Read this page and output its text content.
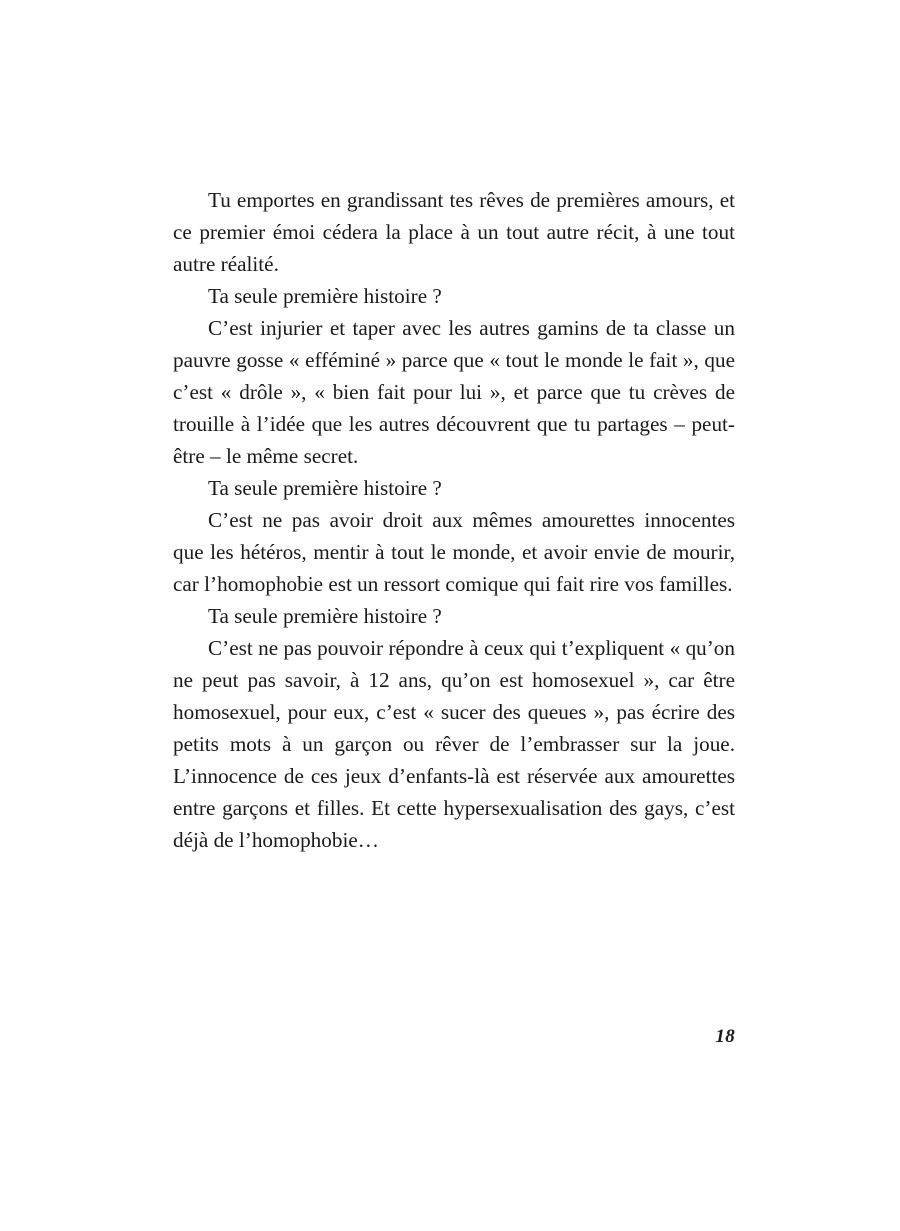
Tu emportes en grandissant tes rêves de premières amours, et ce premier émoi cédera la place à un tout autre récit, à une tout autre réalité.

Ta seule première histoire ?

C’est injurier et taper avec les autres gamins de ta classe un pauvre gosse « efféminé » parce que « tout le monde le fait », que c’est « drôle », « bien fait pour lui », et parce que tu crèves de trouille à l’idée que les autres découvrent que tu partages – peut-être – le même secret.

Ta seule première histoire ?

C’est ne pas avoir droit aux mêmes amourettes innocentes que les hétéros, mentir à tout le monde, et avoir envie de mourir, car l’homophobie est un ressort comique qui fait rire vos familles.

Ta seule première histoire ?

C’est ne pas pouvoir répondre à ceux qui t’expliquent « qu’on ne peut pas savoir, à 12 ans, qu’on est homosexuel », car être homosexuel, pour eux, c’est « sucer des queues », pas écrire des petits mots à un garçon ou rêver de l’embrasser sur la joue. L’innocence de ces jeux d’enfants-là est réservée aux amourettes entre garçons et filles. Et cette hypersexualisation des gays, c’est déjà de l’homophobie…

18
